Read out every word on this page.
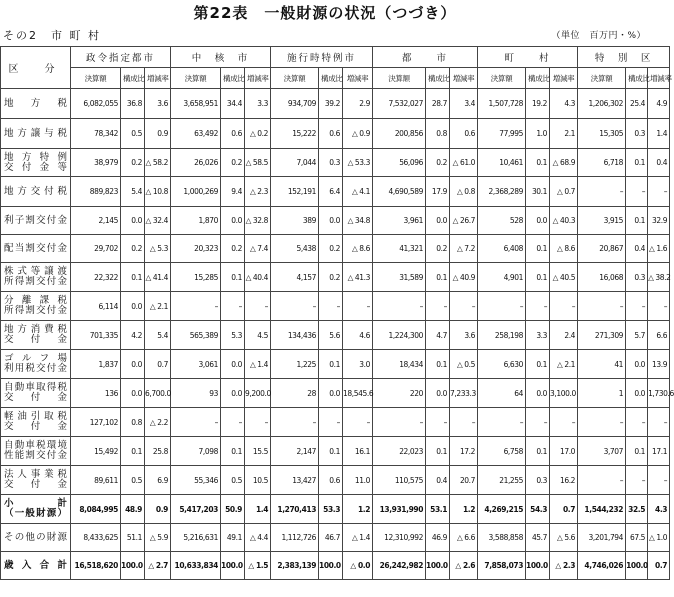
第22表　一般財源の状況（つづき）
その2　市 町 村	（単位　百万円・%）
区　分	政令指定都市			中　核　市			施行時特例市			都　　市			町　　村			特　別　区		
	決算額	構成比	増減率	決算額	構成比	増減率	決算額	構成比	増減率	決算額	構成比	増減率	決算額	構成比	増減率	決算額	構成比	増減率

地 方 税	6,082,055	36.8	3.6	3,658,951	34.4	3.3	934,709	39.2	2.9	7,532,027	28.7	3.4	1,507,728	19.2	4.3	1,206,302	25.4	4.9

地方譲与税	78,342	0.5	0.9	63,492	0.6	△ 0.2	15,222	0.6	△ 0.9	200,856	0.8	0.6	77,995	1.0	2.1	15,305	0.3	1.4

地 方 特 例
交 付 金 等	38,979	0.2	△ 58.2	26,026	0.2	△ 58.5	7,044	0.3	△ 53.3	56,096	0.2	△ 61.0	10,461	0.1	△ 68.9	6,718	0.1	0.4

地方交付税	889,823	5.4	△ 10.8	1,000,269	9.4	△ 2.3	152,191	6.4	△ 4.1	4,690,589	17.9	△ 0.8	2,368,289	30.1	△ 0.7	–	–	–

利子割交付金	2,145	0.0	△ 32.4	1,870	0.0	△ 32.8	389	0.0	△ 34.8	3,961	0.0	△ 26.7	528	0.0	△ 40.3	3,915	0.1	32.9

配当割交付金	29,702	0.2	△ 5.3	20,323	0.2	△ 7.4	5,438	0.2	△ 8.6	41,321	0.2	△ 7.2	6,408	0.1	△ 8.6	20,867	0.4	△ 1.6

株 式 等 譲 渡
所得割交付金	22,322	0.1	△ 41.4	15,285	0.1	△ 40.4	4,157	0.2	△ 41.3	31,589	0.1	△ 40.9	4,901	0.1	△ 40.5	16,068	0.3	△ 38.2

分 離 課 税
所得割交付金	6,114	0.0	△ 2.1	–	–	–	–	–	–	–	–	–	–	–	–	–	–	–

地方消費税
交　付　金	701,335	4.2	5.4	565,389	5.3	4.5	134,436	5.6	4.6	1,224,300	4.7	3.6	258,198	3.3	2.4	271,309	5.7	6.6

ゴ ル フ 場
利用税交付金	1,837	0.0	0.7	3,061	0.0	△ 1.4	1,225	0.1	3.0	18,434	0.1	△ 0.5	6,630	0.1	△ 2.1	41	0.0	13.9

自動車取得税
交　付　金	136	0.0	6,700.0	93	0.0	9,200.0	28	0.0	18,545.6	220	0.0	7,233.3	64	0.0	3,100.0	1	0.0	1,730.6

軽油引取税
交　付　金	127,102	0.8	△ 2.2	–	–	–	–	–	–	–	–	–	–	–	–	–	–	–

自動車税環境
性能割交付金	15,492	0.1	25.8	7,098	0.1	15.5	2,147	0.1	16.1	22,023	0.1	17.2	6,758	0.1	17.0	3,707	0.1	17.1

法人事業税
交　付　金	89,611	0.5	6.9	55,346	0.5	10.5	13,427	0.6	11.0	110,575	0.4	20.7	21,255	0.3	16.2	–	–	–

小　　　計
（一般財源）	8,084,995	48.9	0.9	5,417,203	50.9	1.4	1,270,413	53.3	1.2	13,931,990	53.1	1.2	4,269,215	54.3	0.7	1,544,232	32.5	4.3

その他の財源	8,433,625	51.1	△ 5.9	5,216,631	49.1	△ 4.4	1,112,726	46.7	△ 1.4	12,310,992	46.9	△ 6.6	3,588,858	45.7	△ 5.6	3,201,794	67.5	△ 1.0

歳 入 合 計	16,518,620	100.0	△ 2.7	10,633,834	100.0	△ 1.5	2,383,139	100.0	△ 0.0	26,242,982	100.0	△ 2.6	7,858,073	100.0	△ 2.3	4,746,026	100.0	0.7
